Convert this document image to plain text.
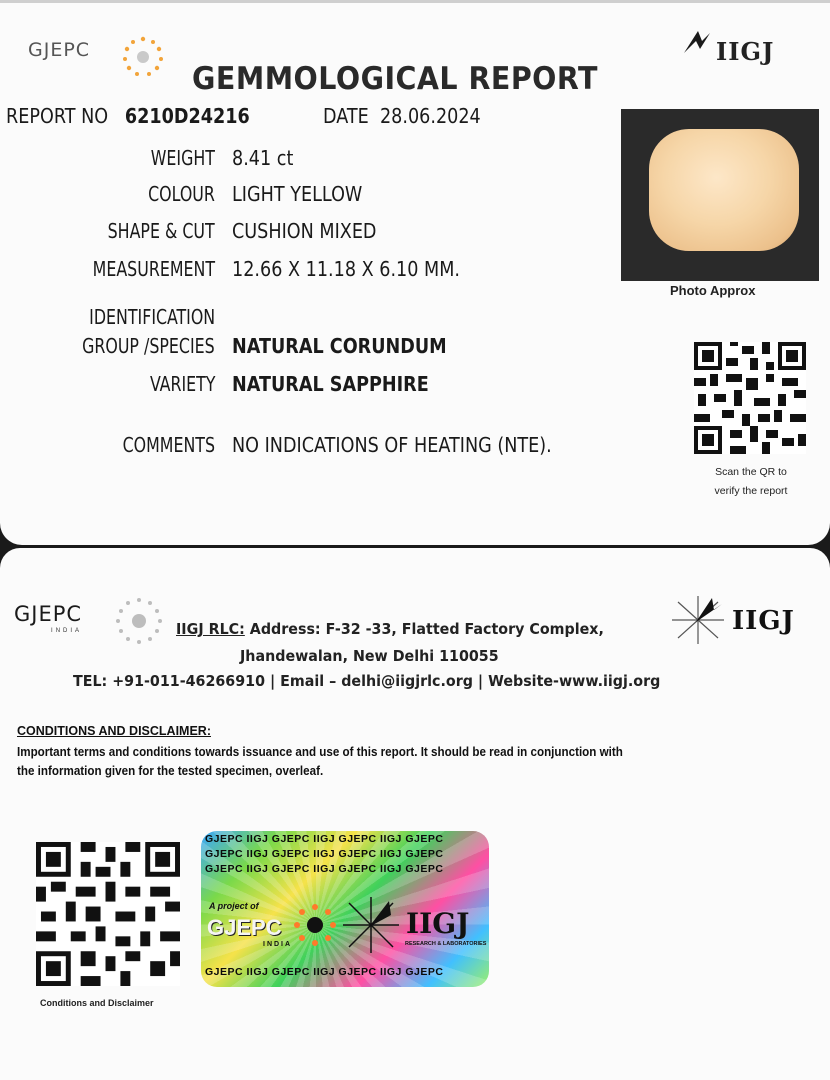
GJEPC	IIGJ
GEMMOLOGICAL REPORT
REPORT NO 6210D24216	DATE 28.06.2024
WEIGHT 8.41 ct
COLOUR LIGHT YELLOW
SHAPE & CUT CUSHION MIXED
MEASUREMENT 12.66 X 11.18 X 6.10 MM.
IDENTIFICATION
GROUP /SPECIES NATURAL CORUNDUM
VARIETY NATURAL SAPPHIRE
COMMENTS NO INDICATIONS OF HEATING (NTE).
Photo Approx
Scan the QR to
verify the report
GJEPC
INDIA	IIGJ
IIGJ RLC: Address: F-32 -33, Flatted Factory Complex,
Jhandewalan, New Delhi 110055
TEL: +91-011-46266910 | Email – delhi@iigjrlc.org | Website-www.iigj.org
CONDITIONS AND DISCLAIMER:
Important terms and conditions towards issuance and use of this report. It should be read in conjunction with
the information given for the tested specimen, overleaf.
Conditions and Disclaimer
GJEPC IIGJ GJEPC IIGJ GJEPC IIGJ GJEPC
GJEPC IIGJ GJEPC IIGJ GJEPC IIGJ GJEPC
GJEPC IIGJ GJEPC IIGJ GJEPC IIGJ GJEPC
GJEPC IIGJ GJEPC IIGJ GJEPC IIGJ GJEPC
A project of
GJEPC
INDIA
IIGJ
RESEARCH & LABORATORIES
